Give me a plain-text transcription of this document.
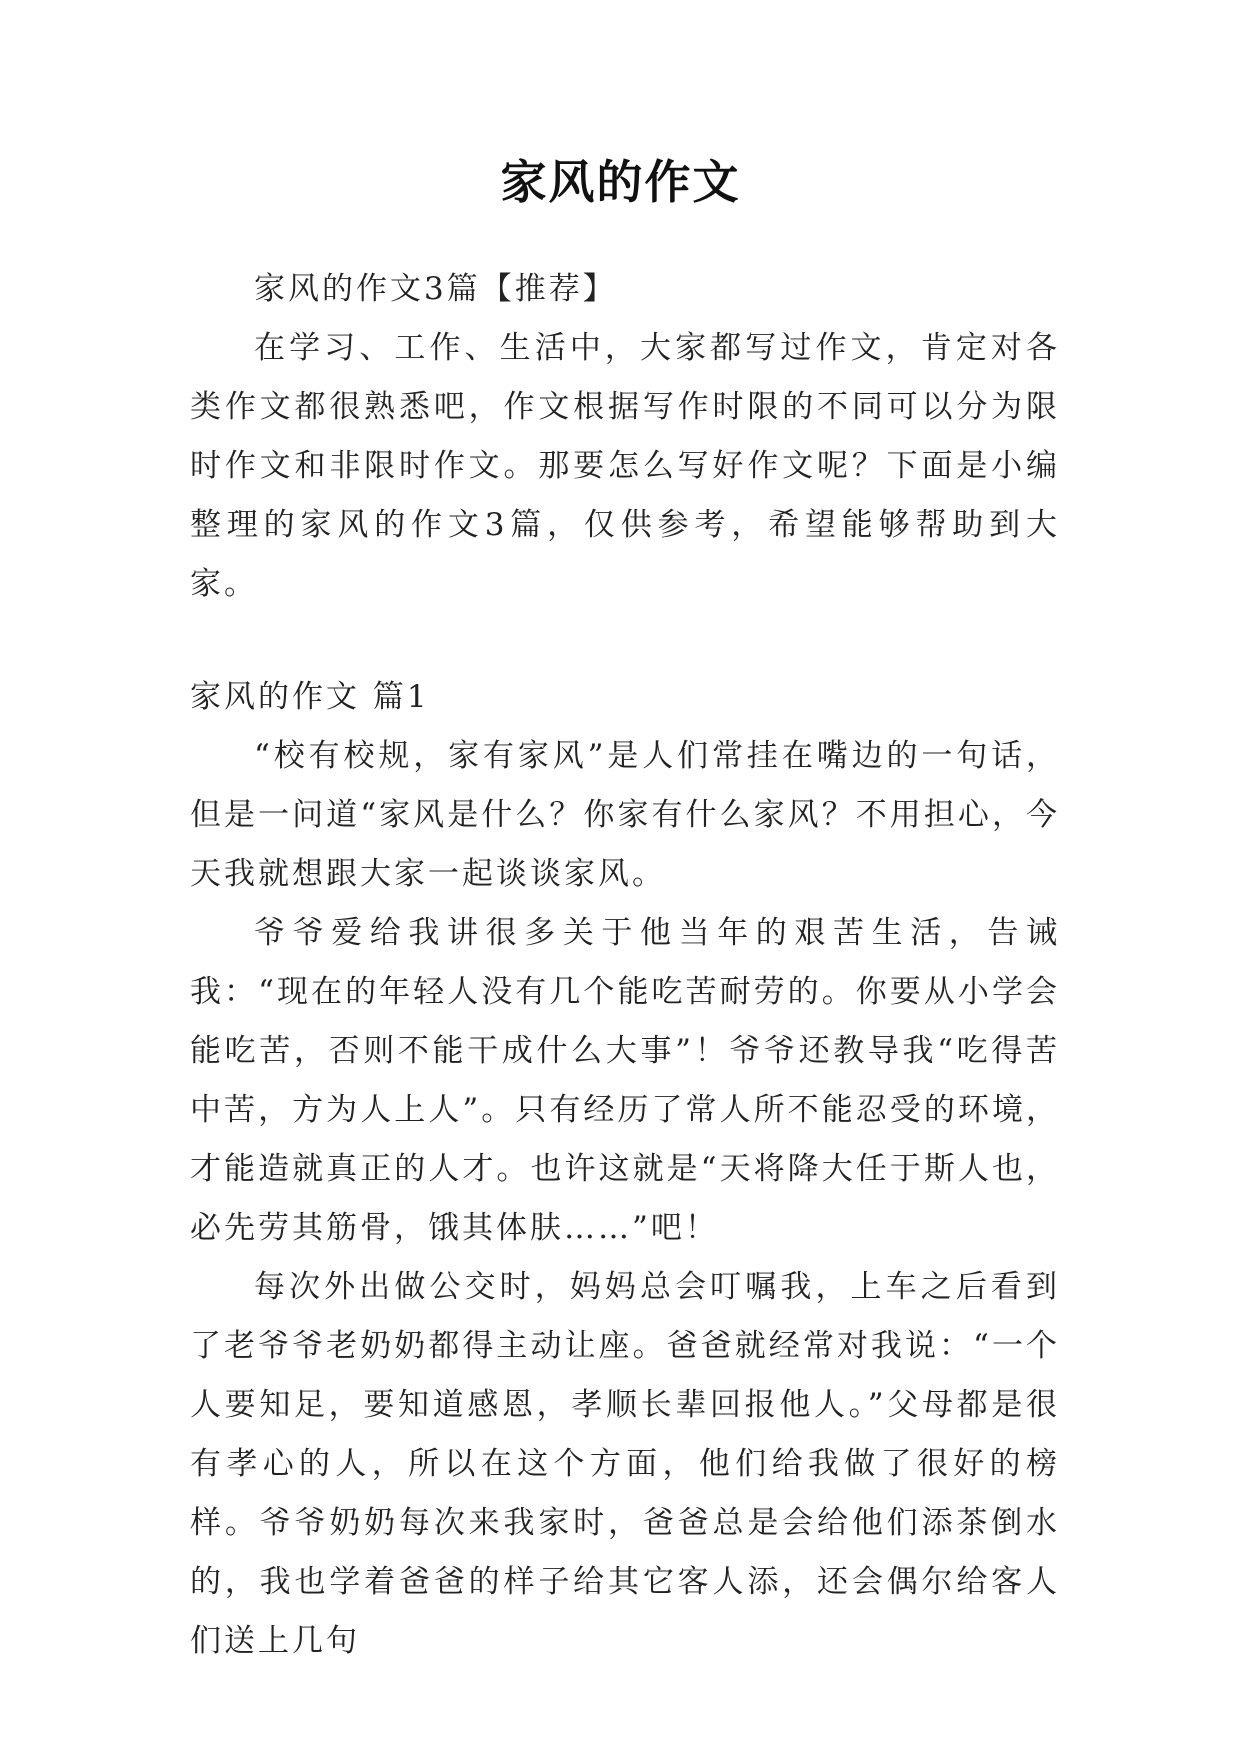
家风的作文

家风的作文3篇【推荐】

在学习、工作、生活中，大家都写过作文，肯定对各类作文都很熟悉吧，作文根据写作时限的不同可以分为限时作文和非限时作文。那要怎么写好作文呢？下面是小编整理的家风的作文3篇，仅供参考，希望能够帮助到大家。

家风的作文 篇1

“校有校规，家有家风”是人们常挂在嘴边的一句话，但是一问道“家风是什么？你家有什么家风？不用担心，今天我就想跟大家一起谈谈家风。

爷爷爱给我讲很多关于他当年的艰苦生活，告诫我：“现在的年轻人没有几个能吃苦耐劳的。你要从小学会能吃苦，否则不能干成什么大事”！爷爷还教导我“吃得苦中苦，方为人上人”。只有经历了常人所不能忍受的环境，才能造就真正的人才。也许这就是“天将降大任于斯人也，必先劳其筋骨，饿其体肤……”吧！

每次外出做公交时，妈妈总会叮嘱我，上车之后看到了老爷爷老奶奶都得主动让座。爸爸就经常对我说：“一个人要知足，要知道感恩，孝顺长辈回报他人。”父母都是很有孝心的人，所以在这个方面，他们给我做了很好的榜样。爷爷奶奶每次来我家时，爸爸总是会给他们添茶倒水的，我也学着爸爸的样子给其它客人添，还会偶尔给客人们送上几句
